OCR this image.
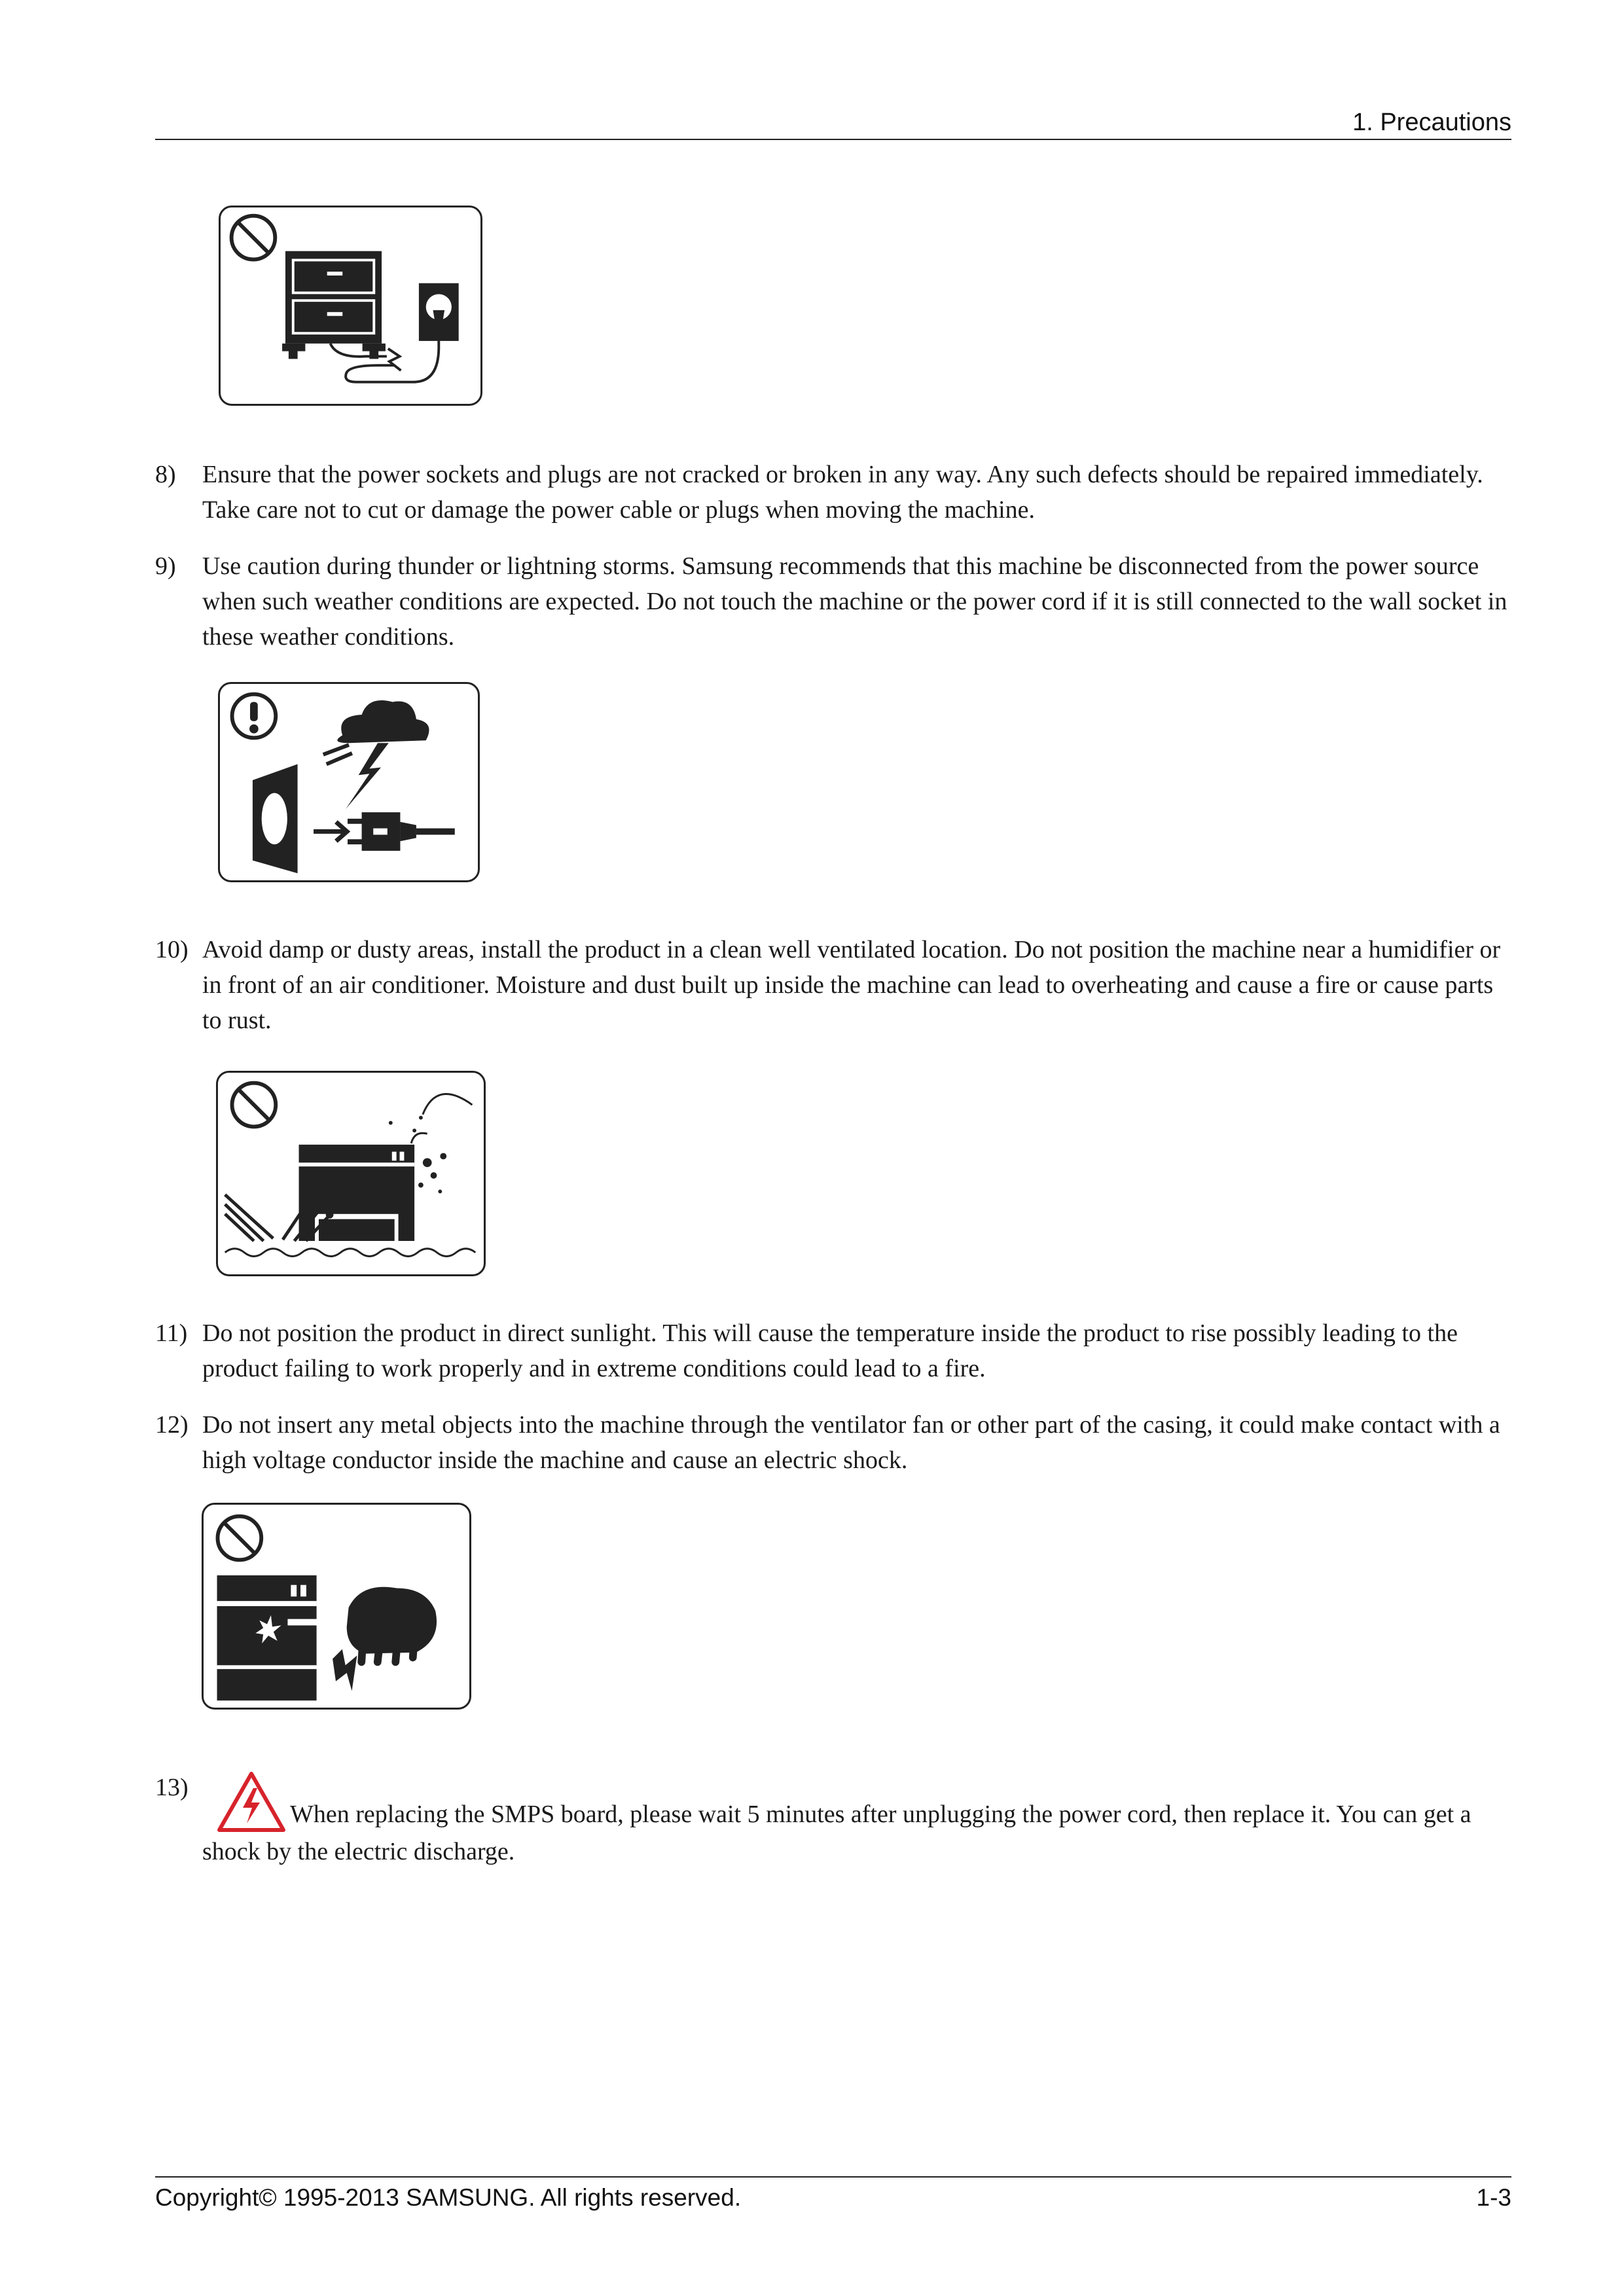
1. Precautions
8) Ensure that the power sockets and plugs are not cracked or broken in any way. Any such defects should be repaired immediately. Take care not to cut or damage the power cable or plugs when moving the machine.
9) Use caution during thunder or lightning storms. Samsung recommends that this machine be disconnected from the power source when such weather conditions are expected. Do not touch the machine or the power cord if it is still connected to the wall socket in these weather conditions.
10) Avoid damp or dusty areas, install the product in a clean well ventilated location. Do not position the machine near a humidifier or in front of an air conditioner. Moisture and dust built up inside the machine can lead to overheating and cause a fire or cause parts to rust.
11) Do not position the product in direct sunlight. This will cause the temperature inside the product to rise possibly leading to the product failing to work properly and in extreme conditions could lead to a fire.
12) Do not insert any metal objects into the machine through the ventilator fan or other part of the casing, it could make contact with a high voltage conductor inside the machine and cause an electric shock.
13)
When replacing the SMPS board, please wait 5 minutes after unplugging the power cord, then replace it. You can get a shock by the electric discharge.
Copyright© 1995-2013 SAMSUNG. All rights reserved.	1-3
